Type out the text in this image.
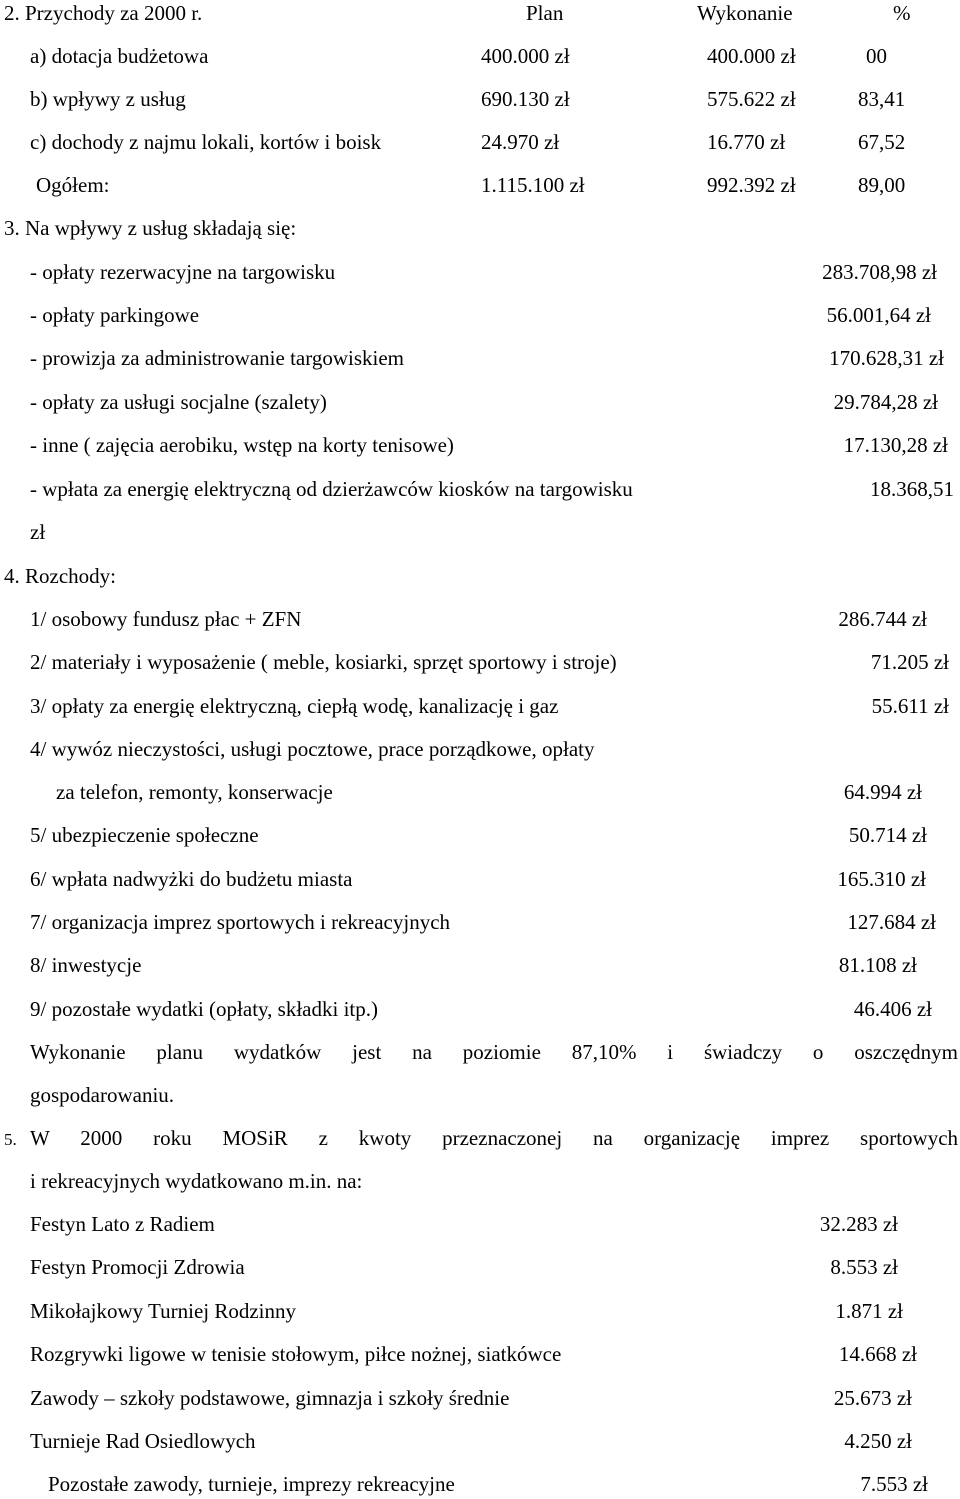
2. Przychody za 2000 r.	Plan	Wykonanie	%
a) dotacja budżetowa	400.000 zł	400.000 zł	00
b) wpływy z usług	690.130 zł	575.622 zł	83,41
c) dochody z najmu lokali, kortów i boisk	24.970 zł	16.770 zł	67,52
Ogółem:	1.115.100 zł	992.392 zł	89,00
3. Na wpływy z usług składają się:
- opłaty rezerwacyjne na targowisku	283.708,98 zł
- opłaty parkingowe	56.001,64 zł
- prowizja za administrowanie targowiskiem	170.628,31 zł
- opłaty za usługi socjalne (szalety)	29.784,28 zł
- inne ( zajęcia aerobiku, wstęp na korty tenisowe)	17.130,28 zł
- wpłata za energię elektryczną od dzierżawców kiosków na targowisku	18.368,51
zł
4. Rozchody:
1/ osobowy fundusz płac + ZFN	286.744 zł
2/ materiały i wyposażenie ( meble, kosiarki, sprzęt sportowy i stroje)	71.205 zł
3/ opłaty za energię elektryczną, ciepłą wodę, kanalizację i gaz	55.611 zł
4/ wywóz nieczystości, usługi pocztowe, prace porządkowe, opłaty
za telefon, remonty, konserwacje	64.994 zł
5/ ubezpieczenie społeczne	50.714 zł
6/ wpłata nadwyżki do budżetu miasta	165.310 zł
7/ organizacja imprez sportowych i rekreacyjnych	127.684 zł
8/ inwestycje	81.108 zł
9/ pozostałe wydatki (opłaty, składki itp.)	46.406 zł
Wykonanie planu wydatków jest na poziomie 87,10% i świadczy o oszczędnym
gospodarowaniu.
5. W 2000 roku MOSiR z kwoty przeznaczonej na organizację imprez sportowych
i rekreacyjnych wydatkowano m.in. na:
Festyn Lato z Radiem	32.283 zł
Festyn Promocji Zdrowia	8.553 zł
Mikołajkowy Turniej Rodzinny	1.871 zł
Rozgrywki ligowe w tenisie stołowym, piłce nożnej, siatkówce	14.668 zł
Zawody – szkoły podstawowe, gimnazja i szkoły średnie	25.673 zł
Turnieje Rad Osiedlowych	4.250 zł
Pozostałe zawody, turnieje, imprezy rekreacyjne	7.553 zł
